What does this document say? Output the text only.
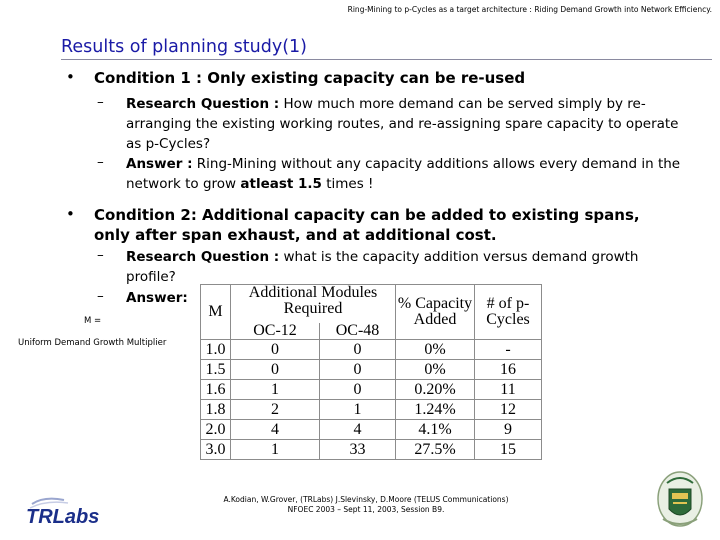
Ring-Mining to p-Cycles as a target architecture : Riding Demand Growth into Network Efficiency.
Results of planning study(1)
• Condition 1 : Only existing capacity can be re-used
– Research Question : How much more demand can be served simply by re-arranging the existing working routes, and re-assigning spare capacity to operate as p-Cycles?
– Answer : Ring-Mining without any capacity additions allows every demand in the network to grow atleast 1.5 times !
• Condition 2: Additional capacity can be added to existing spans, only after span exhaust, and at additional cost.
– Research Question : what is the capacity addition versus demand growth profile?
– Answer:
M =
Uniform Demand Growth Multiplier
M	Additional Modules Required		% Capacity Added	# of p-Cycles

	OC-12	OC-48		
1.0	0	0	0%	-
1.5	0	0	0%	16
1.6	1	0	0.20%	11
1.8	2	1	1.24%	12
2.0	4	4	4.1%	9
3.0	1	33	27.5%	15
A.Kodian, W.Grover, (TRLabs) J.Slevinsky, D.Moore (TELUS Communications)
NFOEC 2003 – Sept 11, 2003, Session B9.
TRLabs
